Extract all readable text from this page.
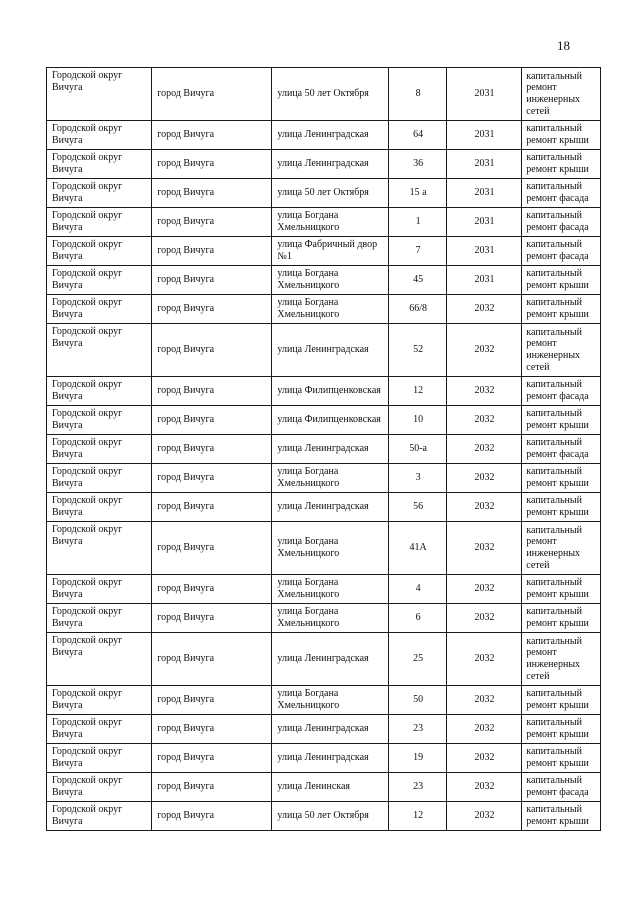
18
Городской округ Вичуга	город Вичуга	улица 50 лет Октября	8	2031	капитальный ремонт инженерных сетей
Городской округ Вичуга	город Вичуга	улица Ленинградская	64	2031	капитальный ремонт крыши
Городской округ Вичуга	город Вичуга	улица Ленинградская	36	2031	капитальный ремонт крыши
Городской округ Вичуга	город Вичуга	улица 50 лет Октября	15 а	2031	капитальный ремонт фасада
Городской округ Вичуга	город Вичуга	улица Богдана Хмельницкого	1	2031	капитальный ремонт фасада
Городской округ Вичуга	город Вичуга	улица Фабричный двор №1	7	2031	капитальный ремонт фасада
Городской округ Вичуга	город Вичуга	улица Богдана Хмельницкого	45	2031	капитальный ремонт крыши
Городской округ Вичуга	город Вичуга	улица Богдана Хмельницкого	66/8	2032	капитальный ремонт крыши
Городской округ Вичуга	город Вичуга	улица Ленинградская	52	2032	капитальный ремонт инженерных сетей
Городской округ Вичуга	город Вичуга	улица Филипценковская	12	2032	капитальный ремонт фасада
Городской округ Вичуга	город Вичуга	улица Филипценковская	10	2032	капитальный ремонт крыши
Городской округ Вичуга	город Вичуга	улица Ленинградская	50-а	2032	капитальный ремонт фасада
Городской округ Вичуга	город Вичуга	улица Богдана Хмельницкого	3	2032	капитальный ремонт крыши
Городской округ Вичуга	город Вичуга	улица Ленинградская	56	2032	капитальный ремонт крыши
Городской округ Вичуга	город Вичуга	улица Богдана Хмельницкого	41А	2032	капитальный ремонт инженерных сетей
Городской округ Вичуга	город Вичуга	улица Богдана Хмельницкого	4	2032	капитальный ремонт крыши
Городской округ Вичуга	город Вичуга	улица Богдана Хмельницкого	6	2032	капитальный ремонт крыши
Городской округ Вичуга	город Вичуга	улица Ленинградская	25	2032	капитальный ремонт инженерных сетей
Городской округ Вичуга	город Вичуга	улица Богдана Хмельницкого	50	2032	капитальный ремонт крыши
Городской округ Вичуга	город Вичуга	улица Ленинградская	23	2032	капитальный ремонт крыши
Городской округ Вичуга	город Вичуга	улица Ленинградская	19	2032	капитальный ремонт крыши
Городской округ Вичуга	город Вичуга	улица Ленинская	23	2032	капитальный ремонт фасада
Городской округ Вичуга	город Вичуга	улица 50 лет Октября	12	2032	капитальный ремонт крыши
